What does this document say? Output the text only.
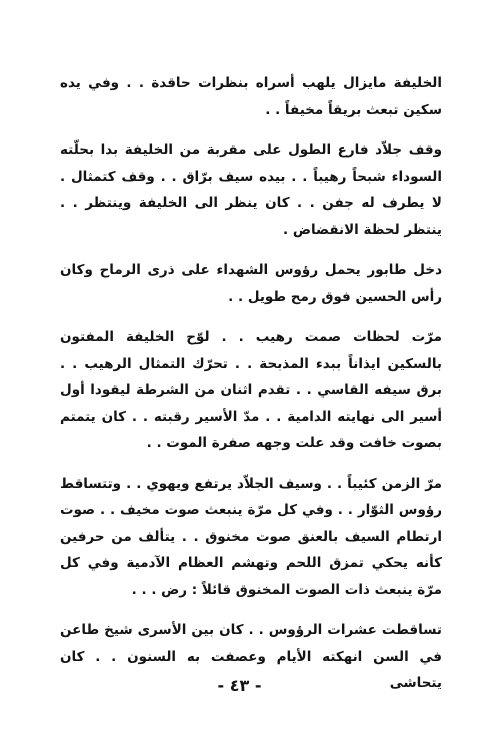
الخليفة مايزال يلهب أسراه بنظرات حاقدة . . وفي يده سكين تبعث بريقاً مخيفاً . .

وقف جلاّد فارع الطول على مقربة من الخليفة بدا بحلّته السوداء شبحاً رهيباً . . بيده سيف برّاق . . وقف كتمثال . لا يطرف له جفن . . كان ينظر الى الخليفة وينتظر . . ينتظر لحظة الانقضاض .

دخل طابور يحمل رؤوس الشهداء على ذرى الرماح وكان رأس الحسين فوق رمح طويل . .

مرّت لحظات صمت رهيب . . لوّح الخليفة المفتون بالسكين ايذاناً ببدء المذبحة . . تحرّك التمثال الرهيب . . برق سيفه القاسي . . تقدم اثنان من الشرطة ليقودا أول أسير الى نهايته الدامية . . مدّ الأسير رقبته . . كان يتمتم بصوت خافت وقد علت وجهه صفرة الموت . .

مرّ الزمن كئيباً . . وسيف الجلاّد يرتفع ويهوي . . وتتساقط رؤوس الثوّار . . وفي كل مرّة ينبعث صوت مخيف . . صوت ارتطام السيف بالعنق صوت مخنوق . . يتألف من حرفين كأنه يحكي تمزق اللحم وتهشم العظام الآدمية وفي كل مرّة ينبعث ذات الصوت المخنوق قائلاً : رض . . .

تساقطت عشرات الرؤوس . . كان بين الأسرى شيخ طاعن في السن انهكته الأيام وعصفت به السنون . . كان يتحاشى

- ٤٣ -
